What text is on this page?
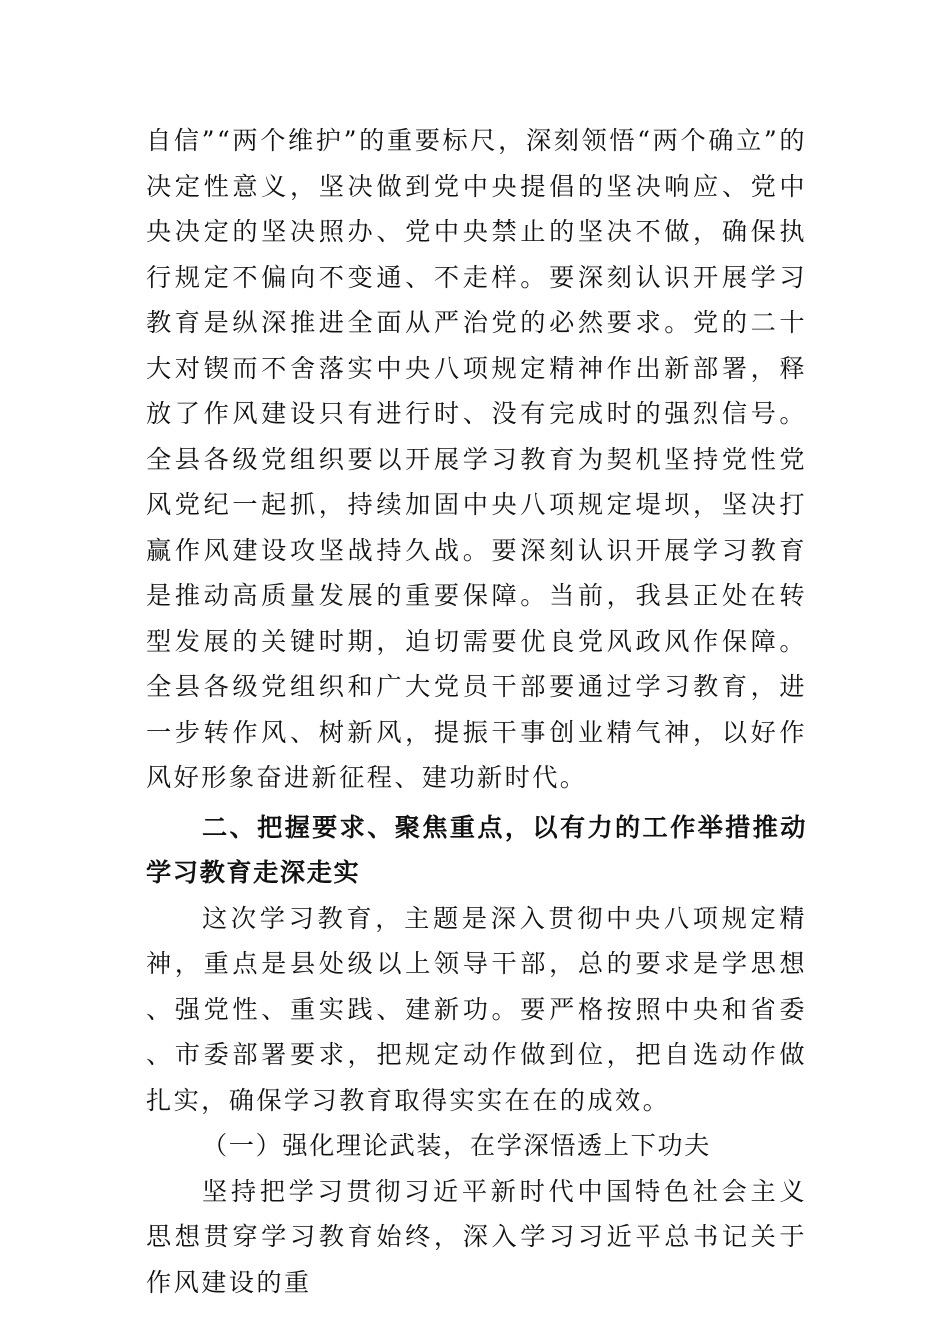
自信”“两个维护”的重要标尺，深刻领悟“两个确立”的决定性意义，坚决做到党中央提倡的坚决响应、党中央决定的坚决照办、党中央禁止的坚决不做，确保执行规定不偏向不变通、不走样。要深刻认识开展学习教育是纵深推进全面从严治党的必然要求。党的二十大对锲而不舍落实中央八项规定精神作出新部署，释放了作风建设只有进行时、没有完成时的强烈信号。全县各级党组织要以开展学习教育为契机坚持党性党风党纪一起抓，持续加固中央八项规定堤坝，坚决打赢作风建设攻坚战持久战。要深刻认识开展学习教育是推动高质量发展的重要保障。当前，我县正处在转型发展的关键时期，迫切需要优良党风政风作保障。全县各级党组织和广大党员干部要通过学习教育，进一步转作风、树新风，提振干事创业精气神，以好作风好形象奋进新征程、建功新时代。

二、把握要求、聚焦重点，以有力的工作举措推动学习教育走深走实

这次学习教育，主题是深入贯彻中央八项规定精神，重点是县处级以上领导干部，总的要求是学思想、强党性、重实践、建新功。要严格按照中央和省委、市委部署要求，把规定动作做到位，把自选动作做扎实，确保学习教育取得实实在在的成效。

（一）强化理论武装，在学深悟透上下功夫

坚持把学习贯彻习近平新时代中国特色社会主义思想贯穿学习教育始终，深入学习习近平总书记关于作风建设的重
